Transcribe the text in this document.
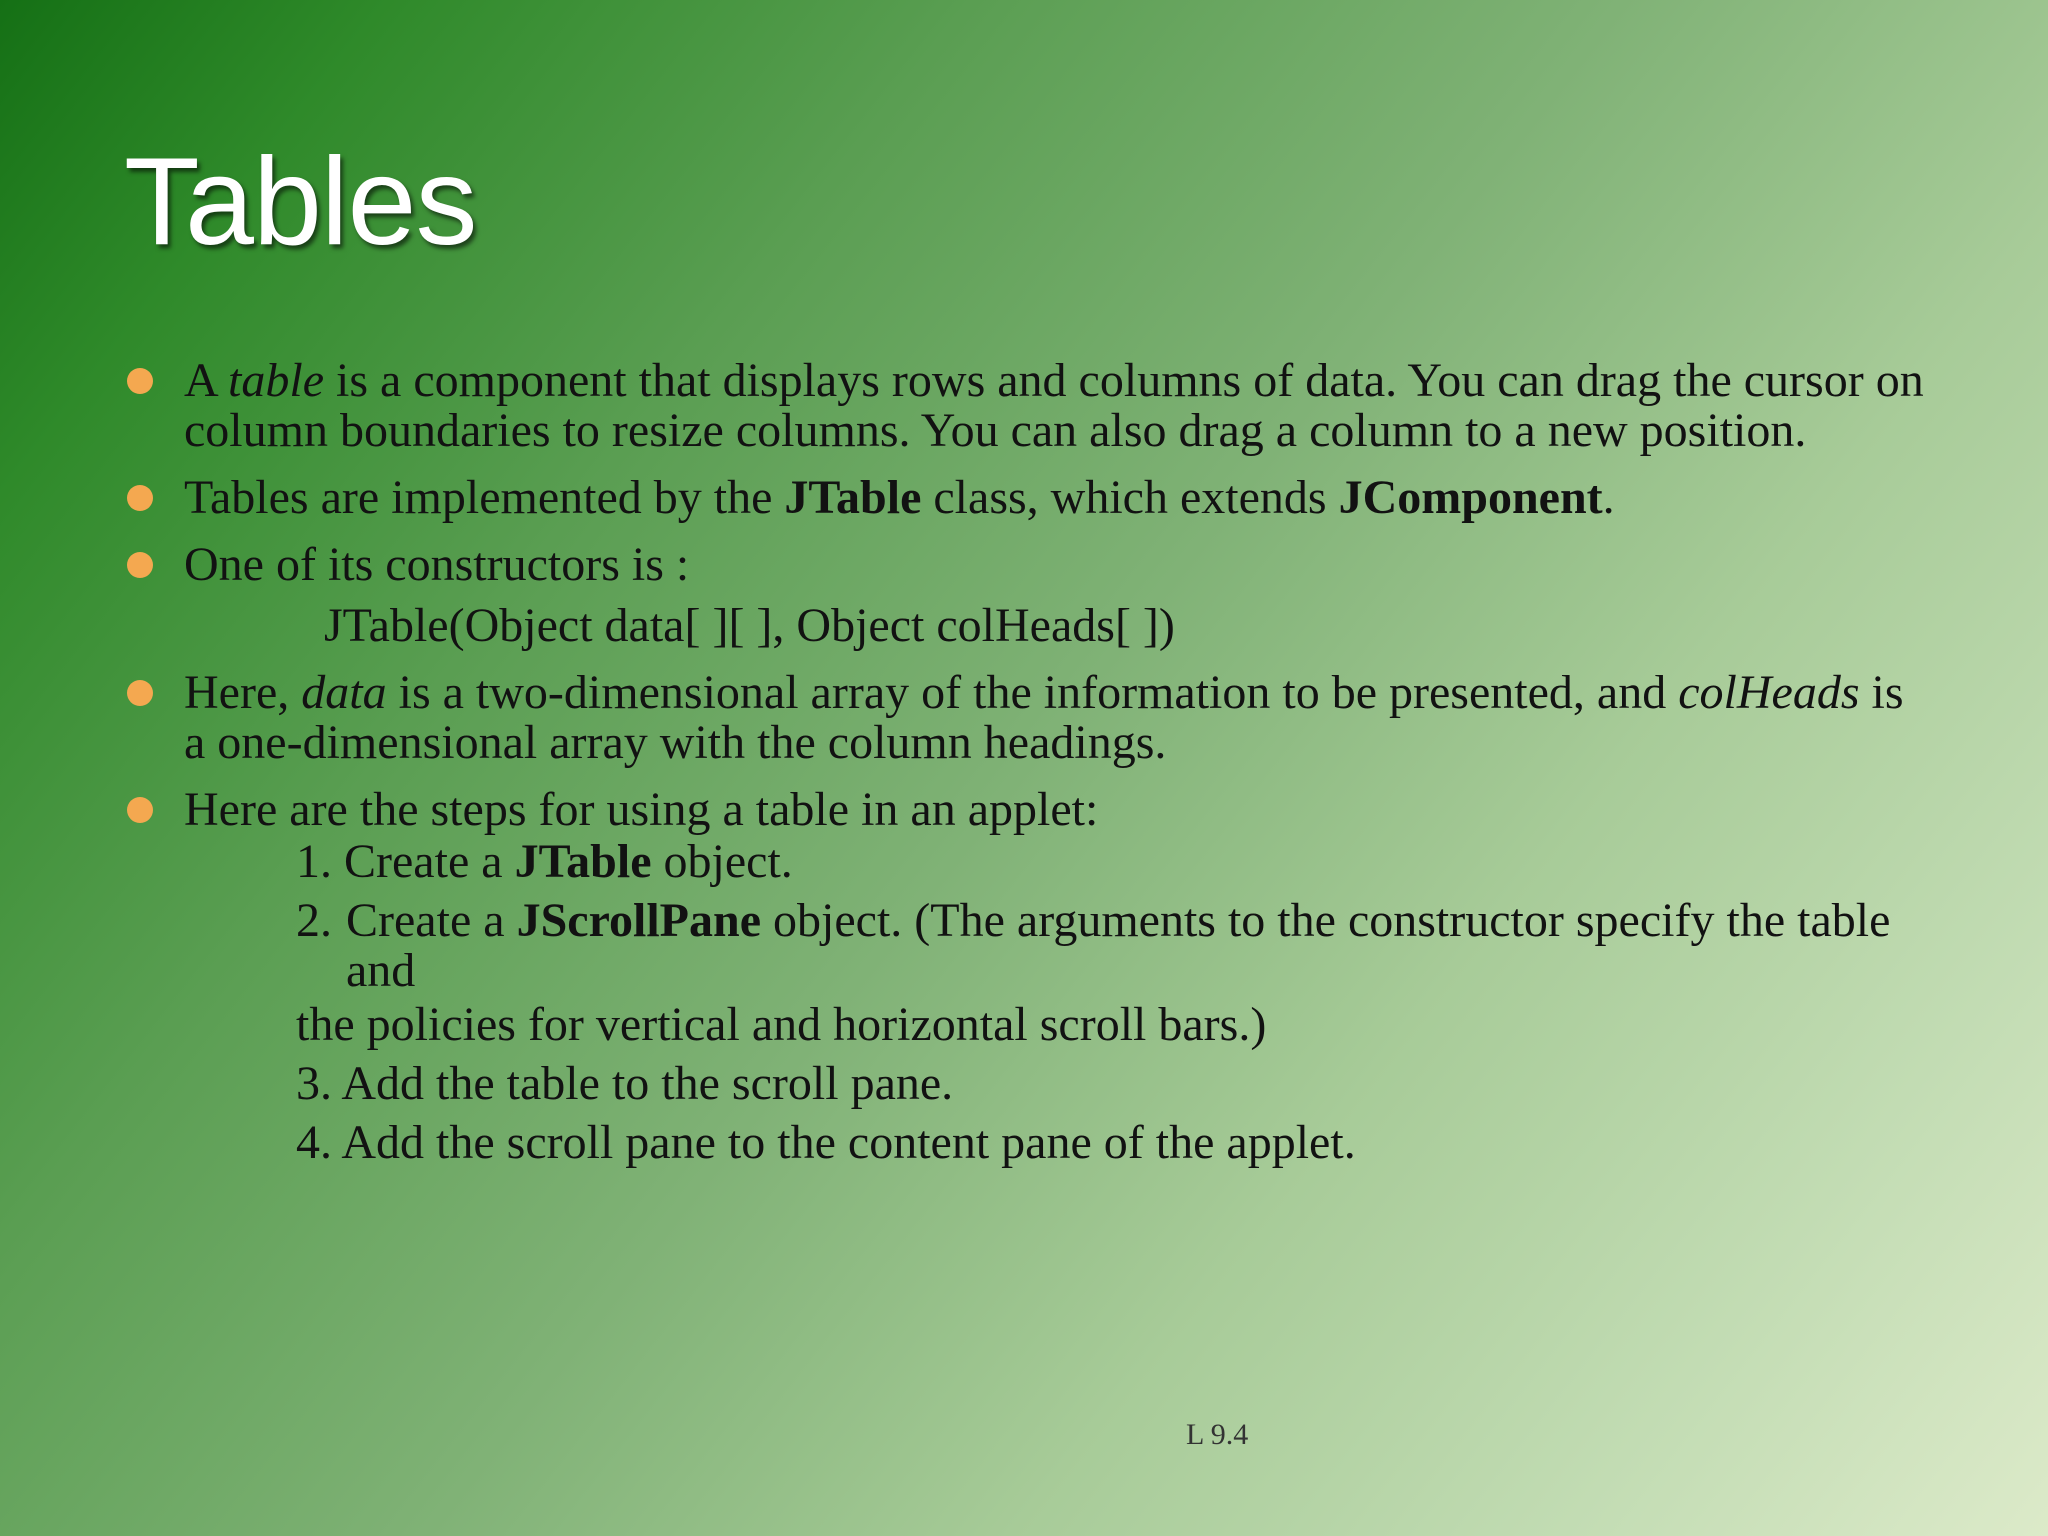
Tables
A table is a component that displays rows and columns of data. You can drag the cursor on column boundaries to resize columns. You can also drag a column to a new position.
Tables are implemented by the JTable class, which extends JComponent.
One of its constructors is :
JTable(Object data[ ][ ], Object colHeads[ ])
Here, data is a two-dimensional array of the information to be presented, and colHeads is a one-dimensional array with the column headings.
Here are the steps for using a table in an applet:
1. Create a JTable object.
2. Create a JScrollPane object. (The arguments to the constructor specify the table and
the policies for vertical and horizontal scroll bars.)
3. Add the table to the scroll pane.
4. Add the scroll pane to the content pane of the applet.
L 9.4
